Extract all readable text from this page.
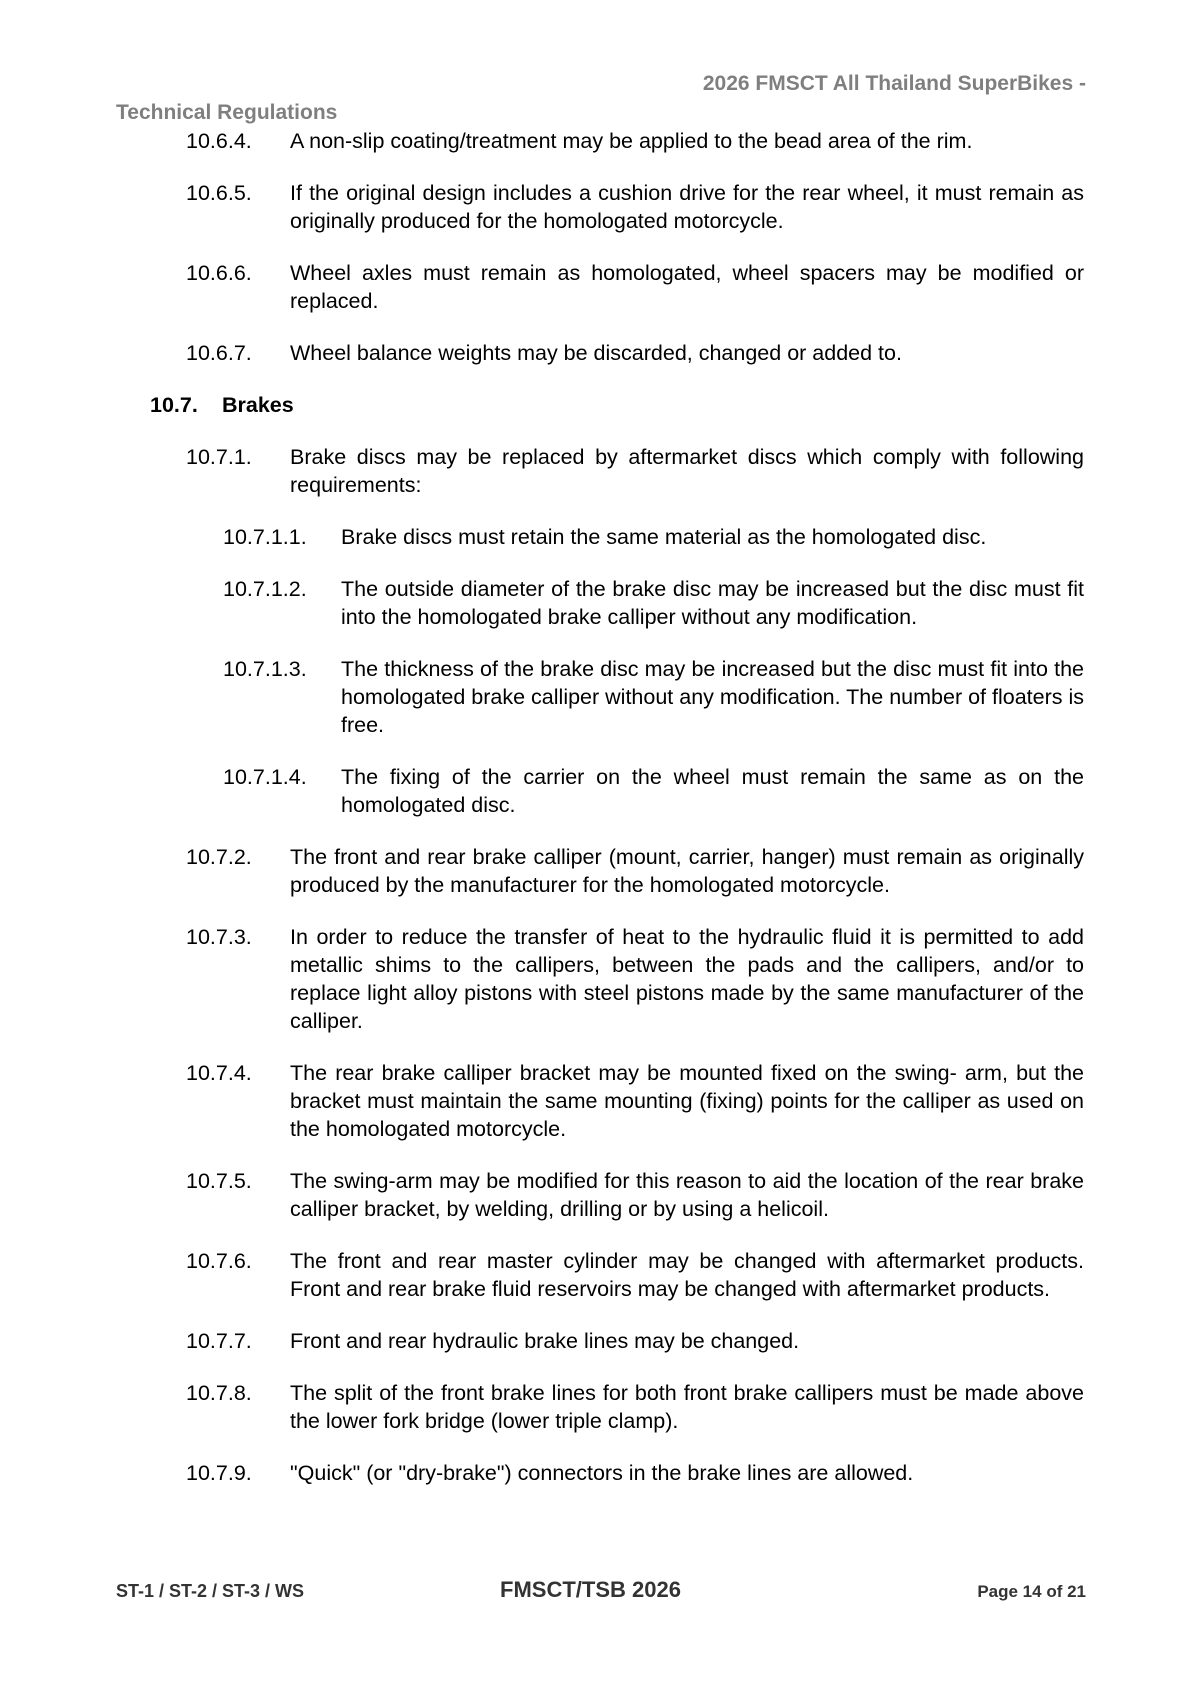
2026 FMSCT All Thailand SuperBikes -
Technical Regulations
10.6.4. A non-slip coating/treatment may be applied to the bead area of the rim.
10.6.5. If the original design includes a cushion drive for the rear wheel, it must remain as originally produced for the homologated motorcycle.
10.6.6. Wheel axles must remain as homologated, wheel spacers may be modified or replaced.
10.6.7. Wheel balance weights may be discarded, changed or added to.
10.7. Brakes
10.7.1. Brake discs may be replaced by aftermarket discs which comply with following requirements:
10.7.1.1. Brake discs must retain the same material as the homologated disc.
10.7.1.2. The outside diameter of the brake disc may be increased but the disc must fit into the homologated brake calliper without any modification.
10.7.1.3. The thickness of the brake disc may be increased but the disc must fit into the homologated brake calliper without any modification. The number of floaters is free.
10.7.1.4. The fixing of the carrier on the wheel must remain the same as on the homologated disc.
10.7.2. The front and rear brake calliper (mount, carrier, hanger) must remain as originally produced by the manufacturer for the homologated motorcycle.
10.7.3. In order to reduce the transfer of heat to the hydraulic fluid it is permitted to add metallic shims to the callipers, between the pads and the callipers, and/or to replace light alloy pistons with steel pistons made by the same manufacturer of the calliper.
10.7.4. The rear brake calliper bracket may be mounted fixed on the swing- arm, but the bracket must maintain the same mounting (fixing) points for the calliper as used on the homologated motorcycle.
10.7.5. The swing-arm may be modified for this reason to aid the location of the rear brake calliper bracket, by welding, drilling or by using a helicoil.
10.7.6. The front and rear master cylinder may be changed with aftermarket products. Front and rear brake fluid reservoirs may be changed with aftermarket products.
10.7.7. Front and rear hydraulic brake lines may be changed.
10.7.8. The split of the front brake lines for both front brake callipers must be made above the lower fork bridge (lower triple clamp).
10.7.9. "Quick" (or "dry-brake") connectors in the brake lines are allowed.
ST-1 / ST-2 / ST-3 / WS	FMSCT/TSB 2026	Page 14 of 21
